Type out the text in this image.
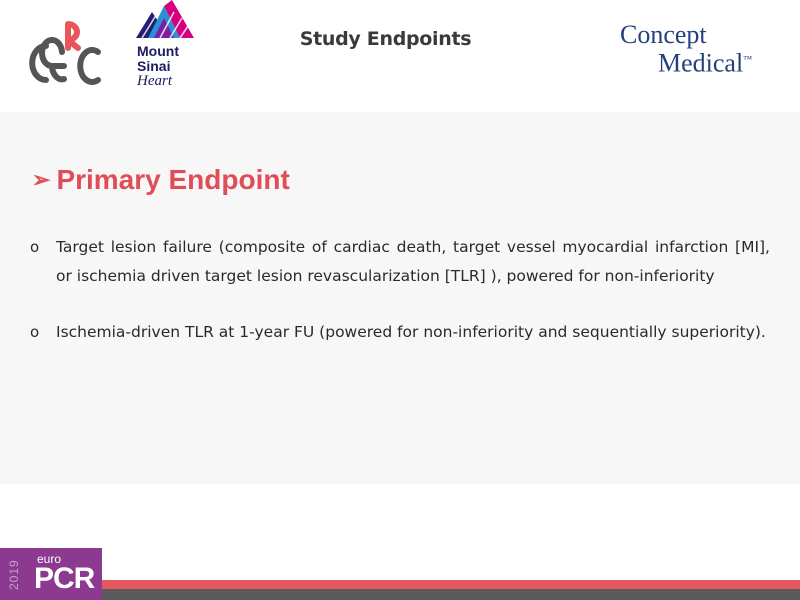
Mount
Sinai
Heart
Study Endpoints	Concept
Medical™
➢ Primary Endpoint
o Target lesion failure (composite of cardiac death, target vessel myocardial infarction [MI], or ischemia driven target lesion revascularization [TLR] ), powered for non-inferiority
o Ischemia-driven TLR at 1-year FU (powered for non-inferiority and sequentially superiority).
2019
euro
PCR
